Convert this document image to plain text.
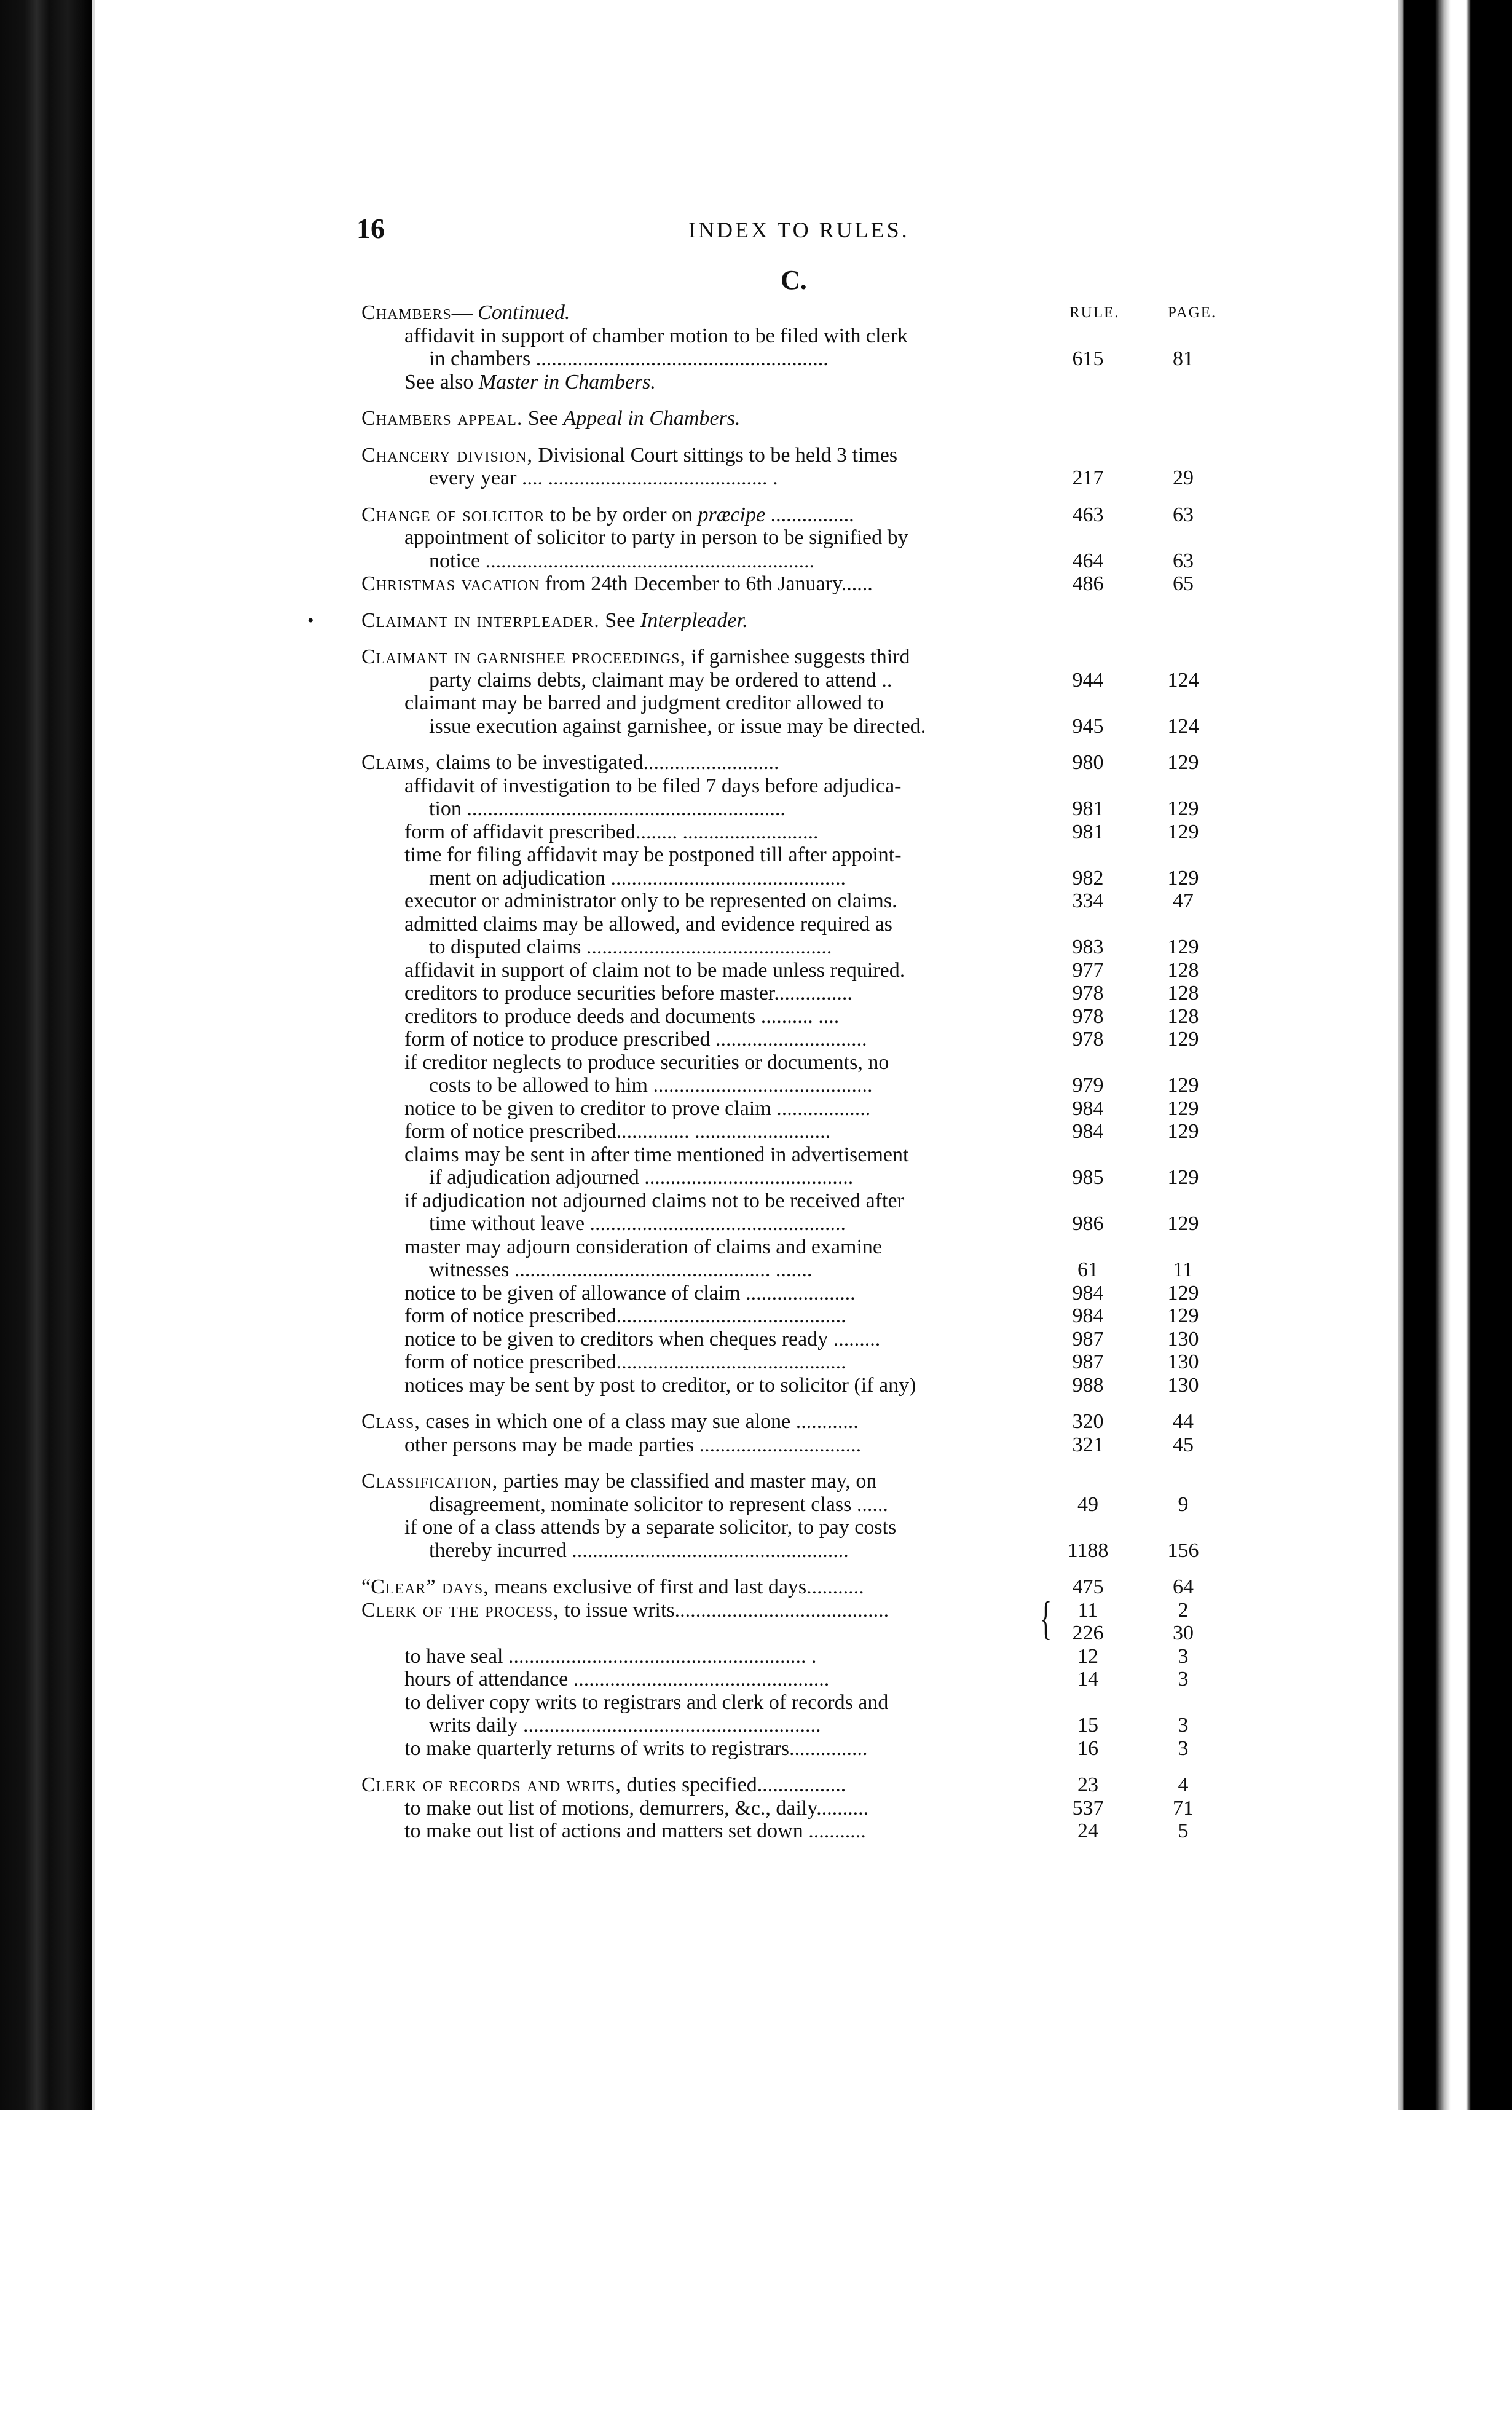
16	INDEX TO RULES.
C.
RULE.	PAGE.
Chambers— Continued.
affidavit in support of chamber motion to be filed with clerk
in chambers ........................................................	615	81
See also Master in Chambers.
Chambers appeal. See Appeal in Chambers.
Chancery division, Divisional Court sittings to be held 3 times
every year .... .......................................... .	217	29
Change of solicitor to be by order on præcipe ................	463	63
appointment of solicitor to party in person to be signified by
notice ...............................................................	464	63
Christmas vacation from 24th December to 6th January......	486	65
• Claimant in interpleader. See Interpleader.
Claimant in garnishee proceedings, if garnishee suggests third
party claims debts, claimant may be ordered to attend ..	944	124
claimant may be barred and judgment creditor allowed to
issue execution against garnishee, or issue may be directed.	945	124
Claims, claims to be investigated..........................	980	129
affidavit of investigation to be filed 7 days before adjudica-
tion .............................................................	981	129
form of affidavit prescribed........ ..........................	981	129
time for filing affidavit may be postponed till after appoint-
ment on adjudication .............................................	982	129
executor or administrator only to be represented on claims.	334	47
admitted claims may be allowed, and evidence required as
to disputed claims ...............................................	983	129
affidavit in support of claim not to be made unless required.	977	128
creditors to produce securities before master...............	978	128
creditors to produce deeds and documents .......... ....	978	128
form of notice to produce prescribed .............................	978	129
if creditor neglects to produce securities or documents, no
costs to be allowed to him ..........................................	979	129
notice to be given to creditor to prove claim ..................	984	129
form of notice prescribed.............. ..........................	984	129
claims may be sent in after time mentioned in advertisement
if adjudication adjourned ........................................	985	129
if adjudication not adjourned claims not to be received after
time without leave .................................................	986	129
master may adjourn consideration of claims and examine
witnesses ................................................. .......	61	11
notice to be given of allowance of claim .....................	984	129
form of notice prescribed............................................	984	129
notice to be given to creditors when cheques ready .........	987	130
form of notice prescribed............................................	987	130
notices may be sent by post to creditor, or to solicitor (if any)	988	130
Class, cases in which one of a class may sue alone ............	320	44
other persons may be made parties ...............................	321	45
Classification, parties may be classified and master may, on
disagreement, nominate solicitor to represent class ......	49	9
if one of a class attends by a separate solicitor, to pay costs
thereby incurred .....................................................	1188	156
“Clear” days, means exclusive of first and last days...........	475	64
Clerk of the process, to issue writs.........................................	{	11	2
226	30
to have seal ......................................................... .	12	3
hours of attendance .................................................	14	3
to deliver copy writs to registrars and clerk of records and
writs daily .........................................................	15	3
to make quarterly returns of writs to registrars...............	16	3
Clerk of records and writs, duties specified.................	23	4
to make out list of motions, demurrers, &c., daily..........	537	71
to make out list of actions and matters set down ...........	24	5
